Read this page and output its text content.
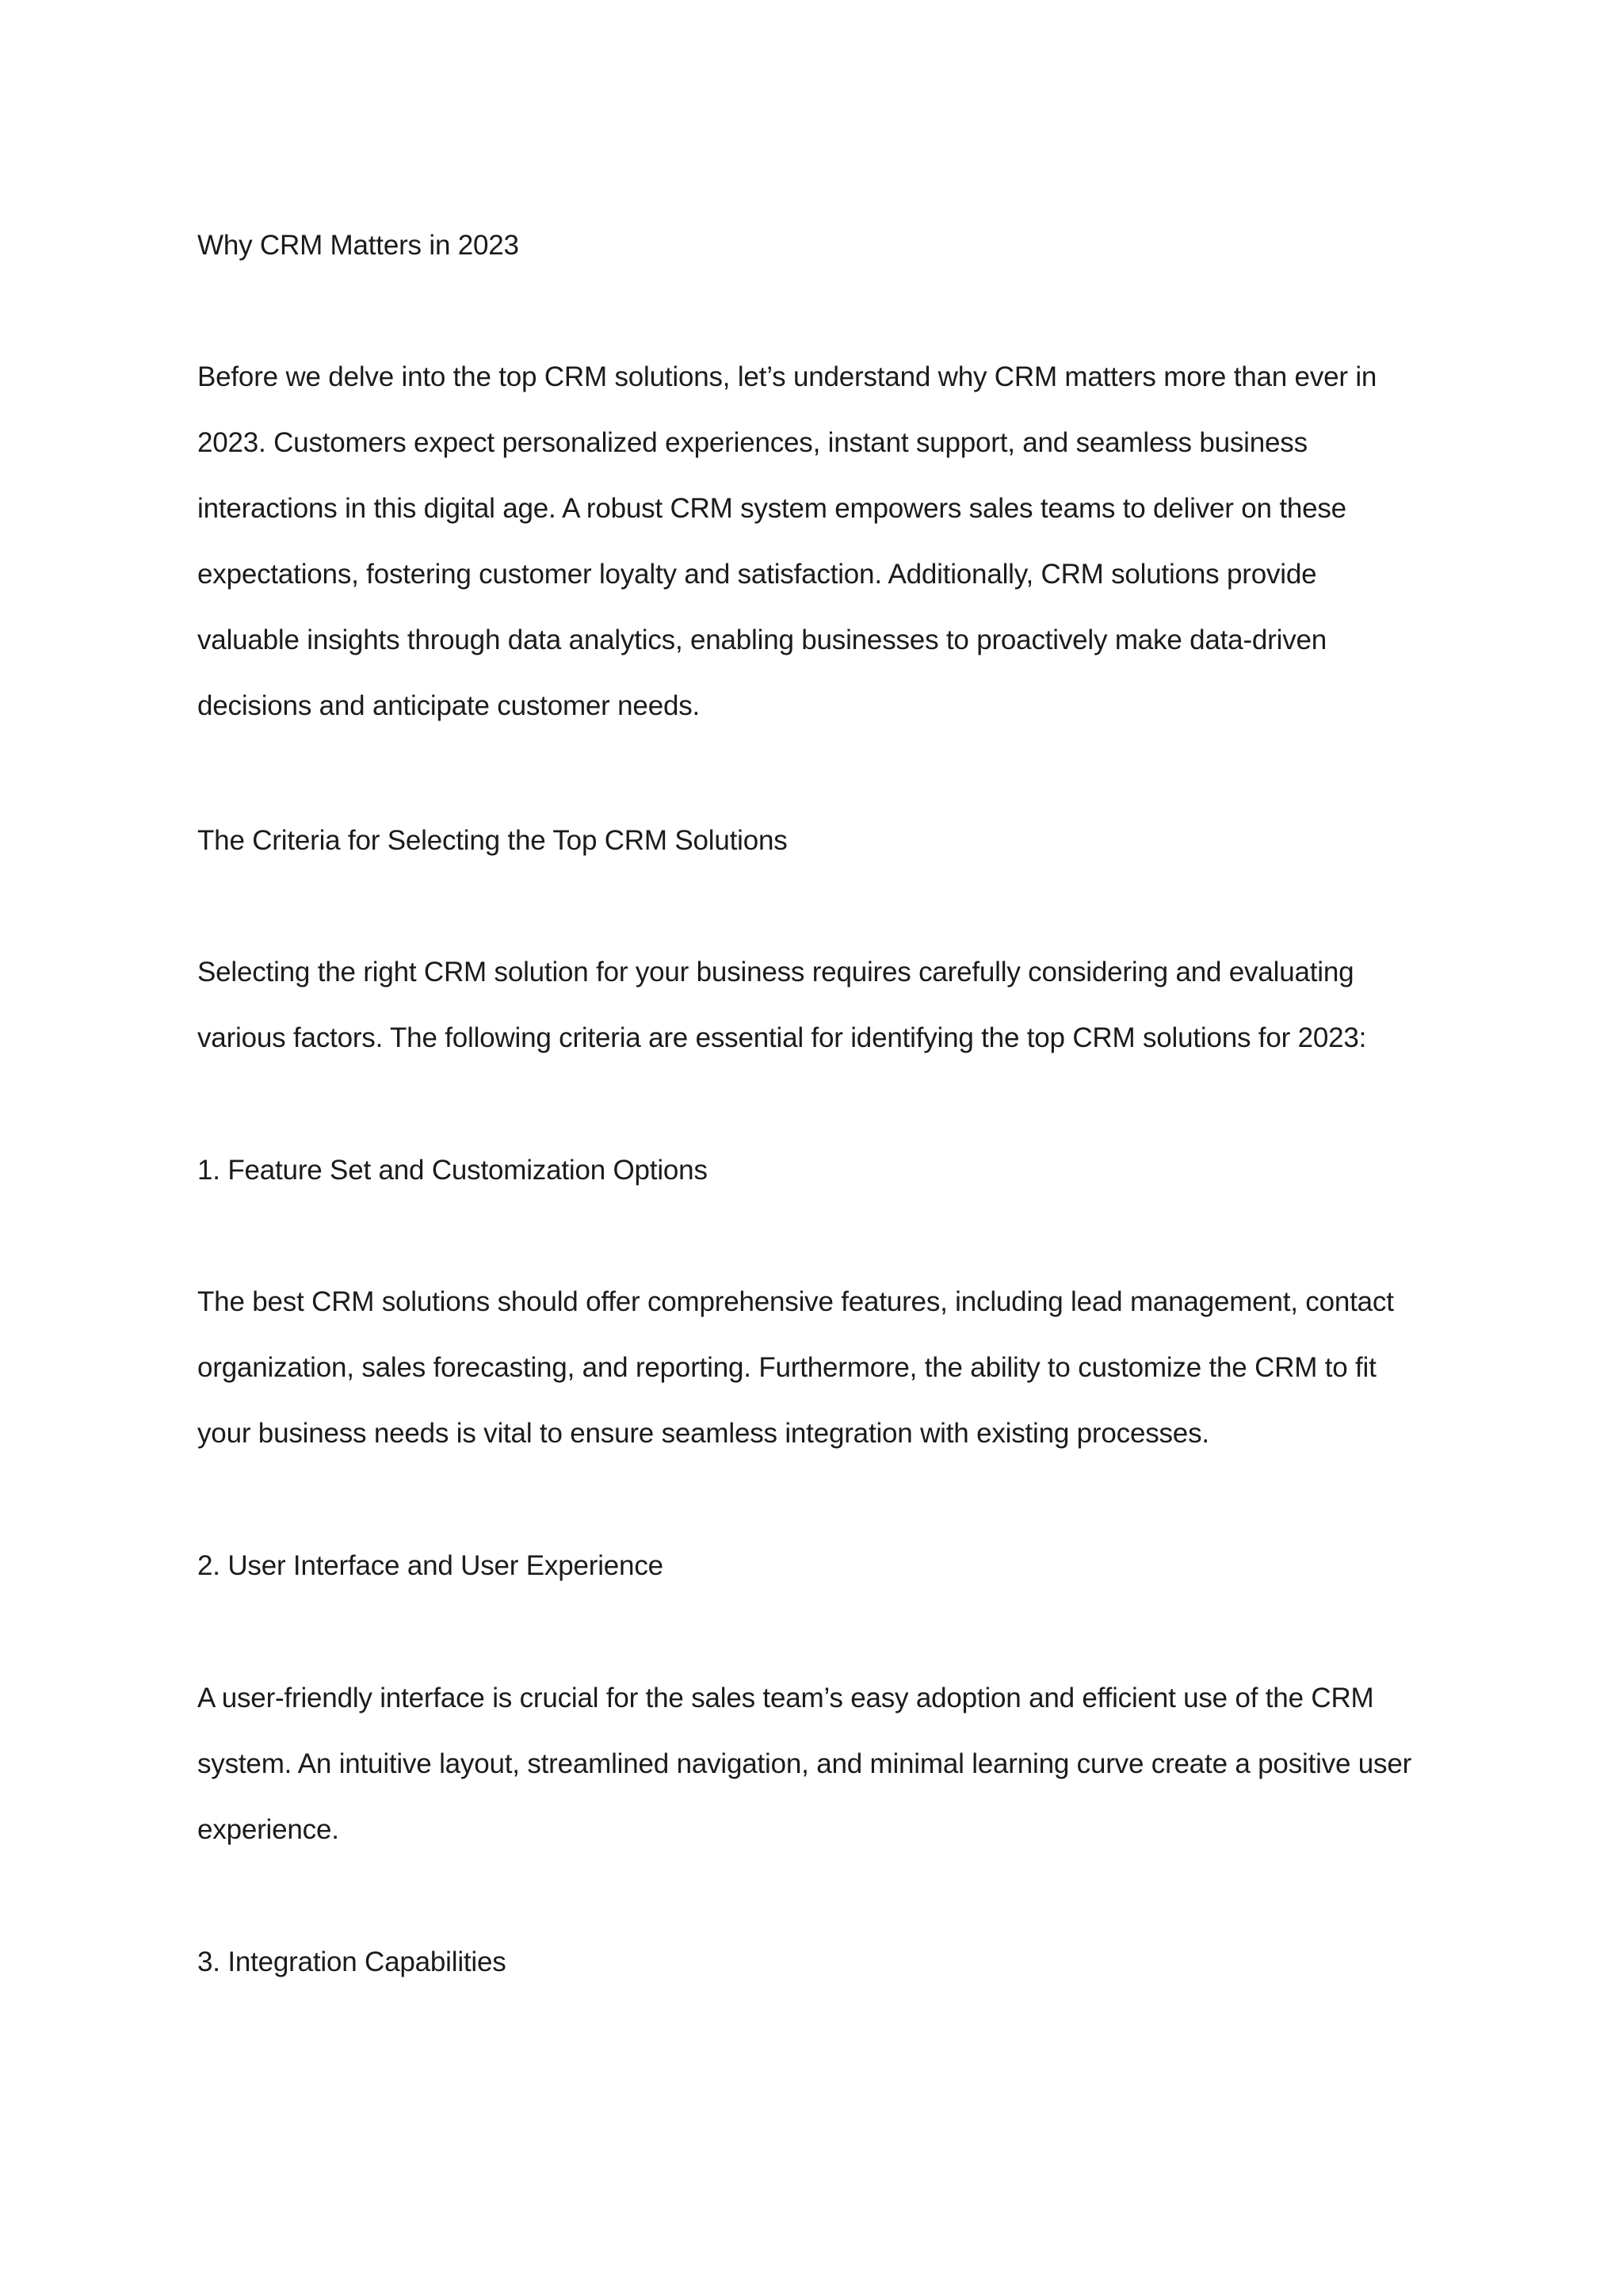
Why CRM Matters in 2023
Before we delve into the top CRM solutions, let’s understand why CRM matters more than ever in
2023. Customers expect personalized experiences, instant support, and seamless business
interactions in this digital age. A robust CRM system empowers sales teams to deliver on these
expectations, fostering customer loyalty and satisfaction. Additionally, CRM solutions provide
valuable insights through data analytics, enabling businesses to proactively make data-driven
decisions and anticipate customer needs.
The Criteria for Selecting the Top CRM Solutions
Selecting the right CRM solution for your business requires carefully considering and evaluating
various factors. The following criteria are essential for identifying the top CRM solutions for 2023:
1. Feature Set and Customization Options
The best CRM solutions should offer comprehensive features, including lead management, contact
organization, sales forecasting, and reporting. Furthermore, the ability to customize the CRM to fit
your business needs is vital to ensure seamless integration with existing processes.
2. User Interface and User Experience
A user-friendly interface is crucial for the sales team’s easy adoption and efficient use of the CRM
system. An intuitive layout, streamlined navigation, and minimal learning curve create a positive user
experience.
3. Integration Capabilities
